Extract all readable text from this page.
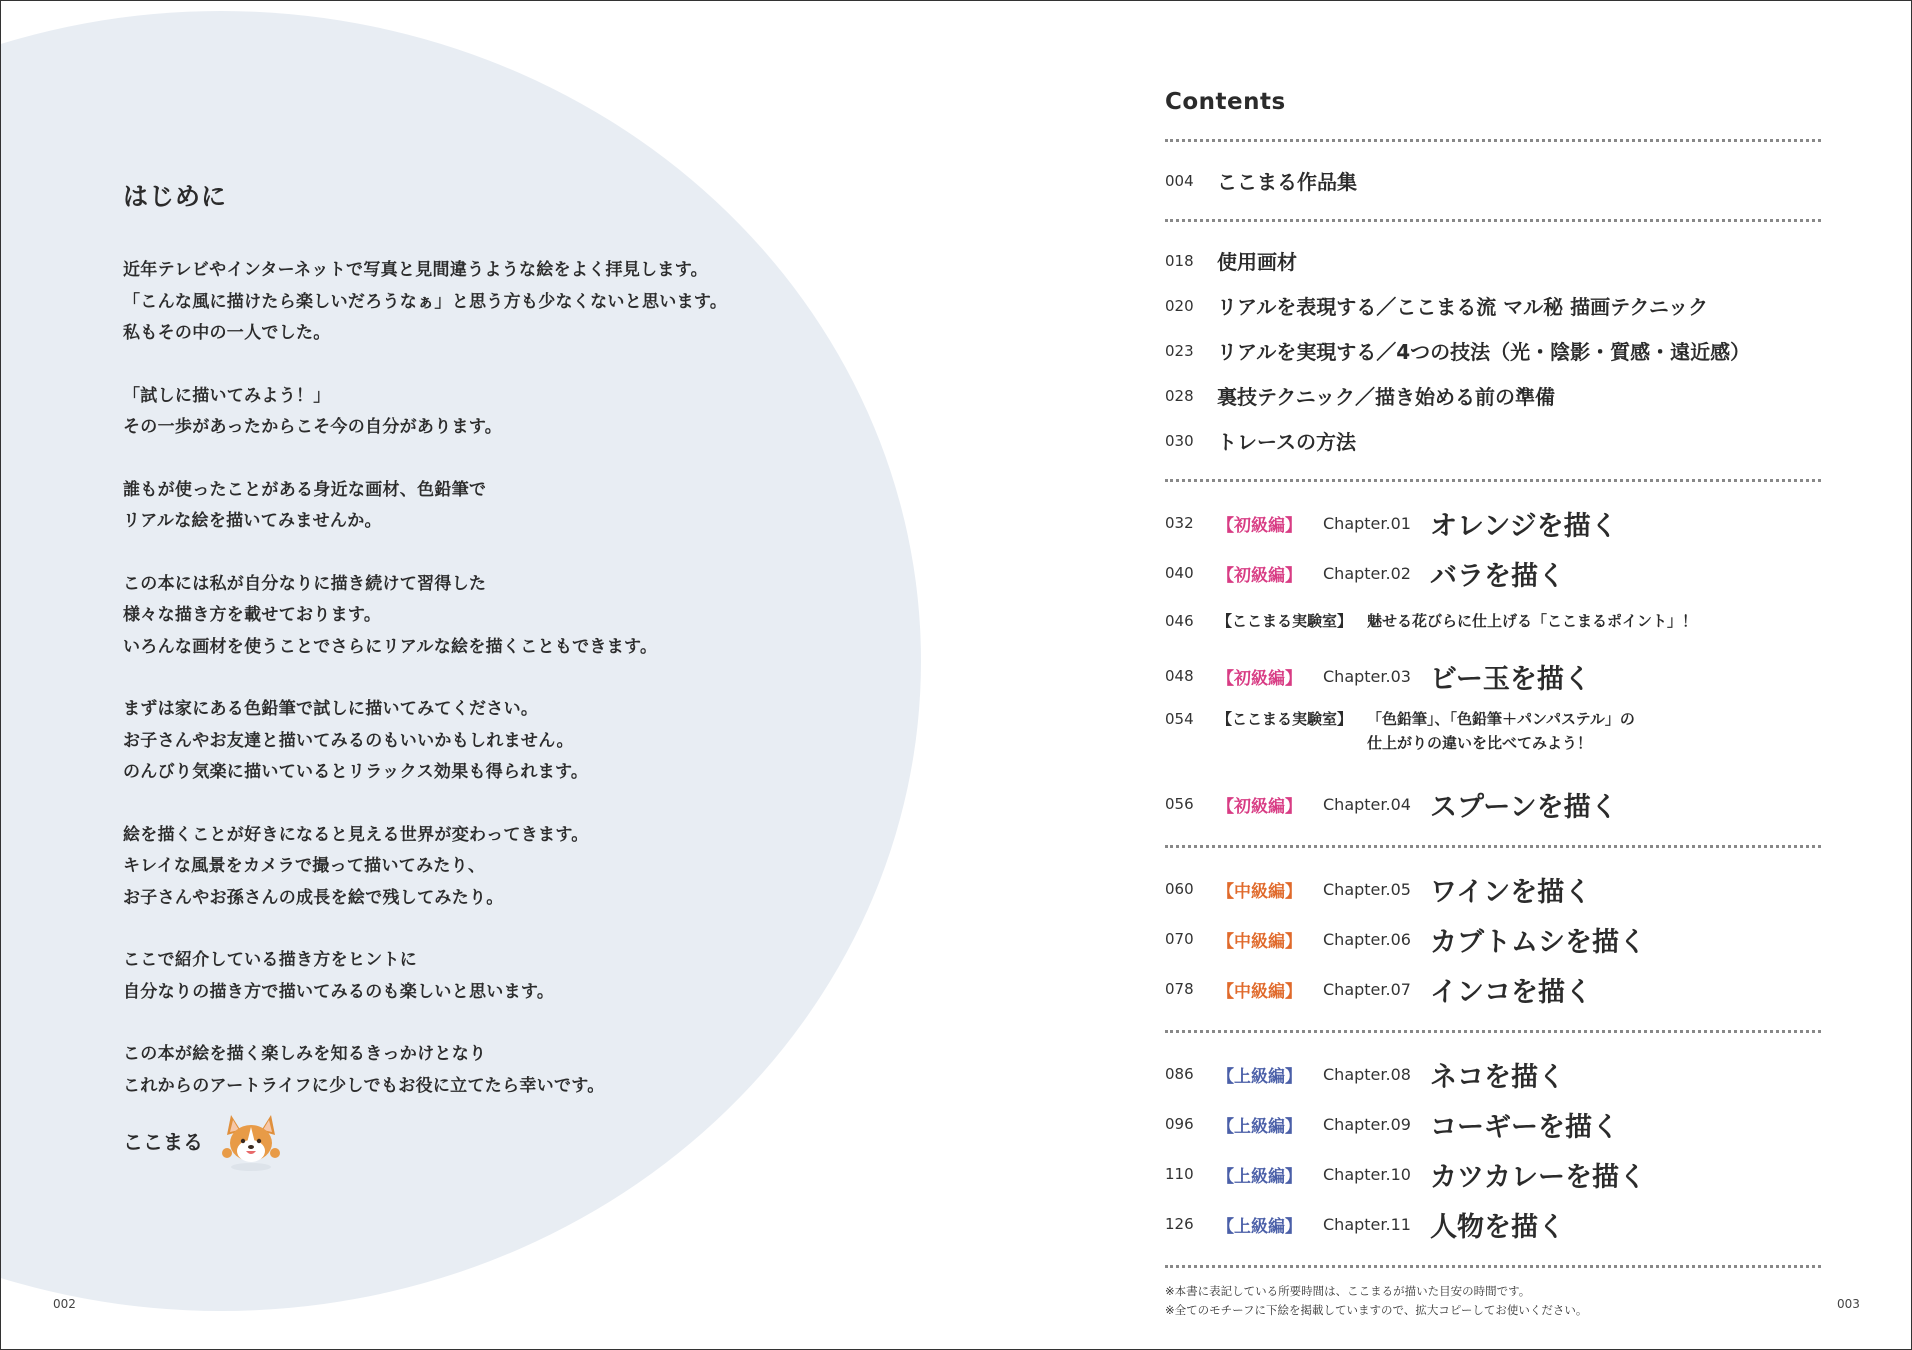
はじめに

近年テレビやインターネットで写真と見間違うような絵をよく拝見します。
「こんな風に描けたら楽しいだろうなぁ」と思う方も少なくないと思います。
私もその中の一人でした。

「試しに描いてみよう！」
その一歩があったからこそ今の自分があります。

誰もが使ったことがある身近な画材、色鉛筆で
リアルな絵を描いてみませんか。

この本には私が自分なりに描き続けて習得した
様々な描き方を載せております。
いろんな画材を使うことでさらにリアルな絵を描くこともできます。

まずは家にある色鉛筆で試しに描いてみてください。
お子さんやお友達と描いてみるのもいいかもしれません。
のんびり気楽に描いているとリラックス効果も得られます。

絵を描くことが好きになると見える世界が変わってきます。
キレイな風景をカメラで撮って描いてみたり、
お子さんやお孫さんの成長を絵で残してみたり。

ここで紹介している描き方をヒントに
自分なりの描き方で描いてみるのも楽しいと思います。

この本が絵を描く楽しみを知るきっかけとなり
これからのアートライフに少しでもお役に立てたら幸いです。

ここまる
002
Contents
004	ここまる作品集
018	使用画材
020	リアルを表現する／ここまる流 マル秘 描画テクニック
023	リアルを実現する／4つの技法（光・陰影・質感・遠近感）
028	裏技テクニック／描き始める前の準備
030	トレースの方法
032	【初級編】	Chapter.01 オレンジを描く
040	【初級編】	Chapter.02 バラを描く
046	【ここまる実験室】 魅せる花びらに仕上げる「ここまるポイント」！
048	【初級編】	Chapter.03 ビー玉を描く
054	【ここまる実験室】 「色鉛筆」、「色鉛筆＋パンパステル」の
仕上がりの違いを比べてみよう！
056	【初級編】	Chapter.04 スプーンを描く
060	【中級編】	Chapter.05 ワインを描く
070	【中級編】	Chapter.06 カブトムシを描く
078	【中級編】	Chapter.07 インコを描く
086	【上級編】	Chapter.08 ネコを描く
096	【上級編】	Chapter.09 コーギーを描く
110	【上級編】	Chapter.10 カツカレーを描く
126	【上級編】	Chapter.11 人物を描く
※本書に表記している所要時間は、ここまるが描いた目安の時間です。
※全てのモチーフに下絵を掲載していますので、拡大コピーしてお使いください。	003
